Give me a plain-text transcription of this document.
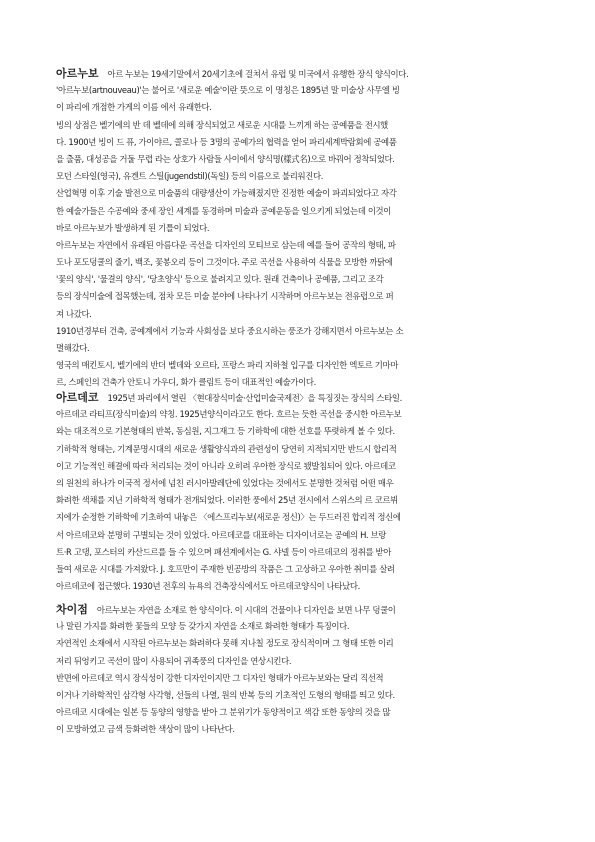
아르누보 아르 누보는 19세기말에서 20세기초에 걸쳐서 유럽 및 미국에서 유행한 장식 양식이다.
'아르누보(artnouveau)'는 불어로 '새로운 예술'이란 뜻으로 이 명칭은 1895년 말 미술상 사무엘 빙
이 파리에 개점한 가게의 이름 에서 유래한다.
빙의 상점은 벨기에의 반 데 벨데에 의해 장식되었고 새로운 시대를 느끼게 하는 공예품을 전시했
다. 1900년 빙이 드 퓨, 가이야르, 콜로나 등 3명의 공예가의 협력을 얻어 파리세계박람회에 공예품
을 출품, 대성공을 거둘 무렵 라는 상호가 사람들 사이에서 양식명(樣式名)으로 바꿔어 정착되었다.
모던 스타일(영국), 유겐트 스틸(jugendstil)(독일) 등의 이름으로 불리워진다.
산업혁명 이후 기술 발전으로 미술품의 대량생산이 가능해졌지만 진정한 예술이 파괴되었다고 자각
한 예술가들은 수공예와 중세 장인 세계를 동경하며 미술과 공예운동을 일으키게 되었는데 이것이
바로 아르누보가 발생하게 된 기틀이 되었다.
아르누보는 자연에서 유래된 아름다운 곡선을 디자인의 모티브로 삼는데 예를 들어 공작의 형태, 파
도나 포도덩쿨의 줄기, 백조, 꽃봉오리 등이 그것이다. 주로 곡선을 사용하여 식물을 모방한 까닭에
'꽃의 양식', '물결의 양식', '당초양식' 등으로 불려지고 있다. 원래 건축이나 공예품, 그리고 조각
등의 장식미술에 접목했는데, 점차 모든 미술 분야에 나타나기 시작하며 아르누보는 전유럽으로 퍼
져 나갔다.
1910년경부터 건축, 공예계에서 기능과 사회성을 보다 중요시하는 풍조가 강해지면서 아르누보는 소
멸해갔다.
영국의 매킨토시, 벨기에의 반더 벨데와 오르타, 프랑스 파리 지하철 입구를 디자인한 엑토르 기마마
르, 스페인의 건축가 안토니 가우디, 화가 클림트 등이 대표적인 예술가이다.
아르데코 1925년 파리에서 열린 〈현대장식미술·산업미술국제전〉을 특징짓는 장식의 스타일.
아르데코 라티프(장식미술)의 약칭. 1925년양식이라고도 한다. 흐르는 듯한 곡선을 중시한 아르누보
와는 대조적으로 기본형태의 반복, 동심원, 지그재그 등 기하학에 대한 선호를 뚜렷하게 볼 수 있다.
기하학적 형태는, 기계문명시대의 새로운 생활양식과의 관련성이 당연히 지적되지만 반드시 합리적
이고 기능적인 해결에 따라 처리되는 것이 아니라 오히려 우아한 장식로 됐발침되어 있다. 아르데코
의 원천의 하나가 이국적 정서에 넘친 러시아발레단에 있었다는 것에서도 분명한 것처럼 어떤 매우
화려한 색채를 지닌 기하학적 형태가 전개되었다. 이러한 풍에서 25년 전시에서 스위스의 르 코르뷔
지에가 순정한 기하학에 기초하여 내놓은 〈에스프리누보(새로운 정신)〉는 두드러진 합리적 정신에
서 아르데코와 분명히 구별되는 것이 있었다. 아르데코를 대표하는 디자이너로는 공예의 H. 브랑
트·R 고댕, 포스터의 카산드르를 들 수 있으며 패션계에서는 G. 샤넬 등이 아르데코의 정취를 받아
들여 새로운 시대를 가져왔다. J. 호프만이 주재한 빈공방의 작품은 그 고상하고 우아한 취미를 살려
아르데코에 접근했다. 1930년 전후의 뉴욕의 건축장식에서도 아르데코양식이 나타났다.
차이점 아르누보는 자연을 소재로 한 양식이다. 이 시대의 건물이나 디자인을 보면 나무 덩쿨이
나 말린 가지를 화려한 꽃들의 모양 등 갖가지 자연을 소재로 화려한 형태가 특징이다.
자연적인 소재에서 시작된 아르누보는 화려하다 못해 지나칠 정도로 장식적이며 그 형태 또한 이리
저리 뒤엉키고 곡선이 많이 사용되어 귀족풍의 디자인을 연상시킨다.
반면에 아르데코 역시 장식성이 강한 디자인이지만 그 디자인 형태가 아르누보와는 달리 직선적
이거나 기하학적인 삼각형 사각형, 선들의 나열, 원의 반복 등의 기초적인 도형의 형태를 띄고 있다.
아르데코 시대에는 일본 등 동양의 영향을 받아 그 분위기가 동양적이고 색감 또한 동양의 것을 많
이 모방하였고 금색 등화려한 색상이 많이 나타난다.
